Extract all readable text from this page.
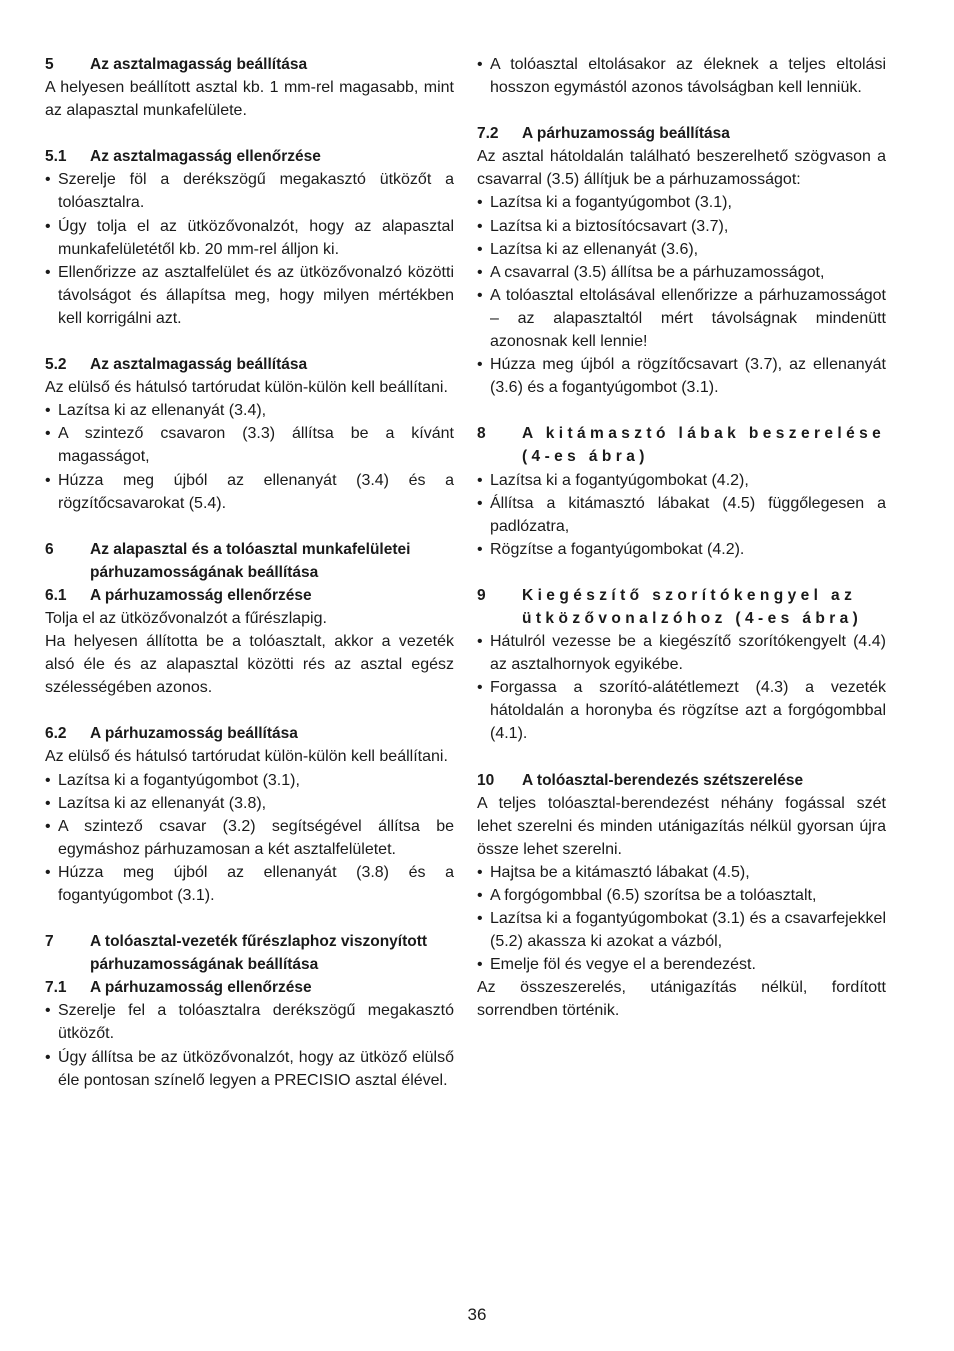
5	Az asztalmagasság beállítása

A helyesen beállított asztal kb. 1 mm-rel magasabb, mint az alapasztal munkafelülete.

5.1	Az asztalmagasság ellenőrzése
• Szerelje föl a derékszögű megakasztó ütközőt a tolóasztalra.
• Úgy tolja el az ütközővonalzót, hogy az alapasztal munkafelületétől kb. 20 mm-rel álljon ki.
• Ellenőrizze az asztalfelület és az ütközővonalzó közötti távolságot és állapítsa meg, hogy milyen mértékben kell korrigálni azt.
5.2	Az asztalmagasság beállítása

Az elülső és hátulsó tartórudat külön-külön kell beállítani.

• Lazítsa ki az ellenanyát (3.4),
• A szintező csavaron (3.3) állítsa be a kívánt magasságot,
• Húzza meg újból az ellenanyát (3.4) és a rögzítőcsavarokat (5.4).
6	Az alapasztal és a tolóasztal munkafelületei párhuzamosságának beállítása
6.1	A párhuzamosság ellenőrzése

Tolja el az ütközővonalzót a fűrészlapig.

Ha helyesen állította be a tolóasztalt, akkor a vezeték alsó éle és az alapasztal közötti rés az asztal egész szélességében azonos.

6.2	A párhuzamosság beállítása

Az elülső és hátulsó tartórudat külön-külön kell beállítani.

• Lazítsa ki a fogantyúgombot (3.1),
• Lazítsa ki az ellenanyát (3.8),
• A szintező csavar (3.2) segítségével állítsa be egymáshoz párhuzamosan a két asztalfelületet.
• Húzza meg újból az ellenanyát (3.8) és a fogantyúgombot (3.1).
7	A tolóasztal-vezeték fűrészlaphoz viszonyított párhuzamosságának beállítása
7.1	A párhuzamosság ellenőrzése
• Szerelje fel a tolóasztalra derékszögű megakasztó ütközőt.
• Úgy állítsa be az ütközővonalzót, hogy az ütköző elülső éle pontosan színelő legyen a PRECISIO asztal élével.
• A tolóasztal eltolásakor az éleknek a teljes eltolási hosszon egymástól azonos távolságban kell lenniük.
7.2	A párhuzamosság beállítása

Az asztal hátoldalán található beszerelhető szögvason a csavarral (3.5) állítjuk be a párhuzamosságot:

• Lazítsa ki a fogantyúgombot (3.1),
• Lazítsa ki a biztosítócsavart (3.7),
• Lazítsa ki az ellenanyát (3.6),
• A csavarral (3.5) állítsa be a párhuzamosságot,
• A tolóasztal eltolásával ellenőrizze a párhuzamosságot – az alapasztaltól mért távolságnak mindenütt azonosnak kell lennie!
• Húzza meg újból a rögzítőcsavart (3.7), az ellenanyát (3.6) és a fogantyúgombot (3.1).
8	A kitámasztó lábak beszerelése (4-es ábra)
• Lazítsa ki a fogantyúgombokat (4.2),
• Állítsa a kitámasztó lábakat (4.5) függőlegesen a padlózatra,
• Rögzítse a fogantyúgombokat (4.2).
9	Kiegészítő szorítókengyel az ütközővonalzóhoz (4-es ábra)
• Hátulról vezesse be a kiegészítő szorítókengyelt (4.4) az asztalhornyok egyikébe.
• Forgassa a szorító-alátétlemezt (4.3) a vezeték hátoldalán a horonyba és rögzítse azt a forgógombbal (4.1).
10	A tolóasztal-berendezés szétszerelése

A teljes tolóasztal-berendezést néhány fogással szét lehet szerelni és minden utánigazítás nélkül gyorsan újra össze lehet szerelni.

• Hajtsa be a kitámasztó lábakat (4.5),
• A forgógombbal (6.5) szorítsa be a tolóasztalt,
• Lazítsa ki a fogantyúgombokat (3.1) és a csavarfejekkel (5.2) akassza ki azokat a vázból,
• Emelje föl és vegye el a berendezést.

Az összeszerelés, utánigazítás nélkül, fordított sorrendben történik.

36
